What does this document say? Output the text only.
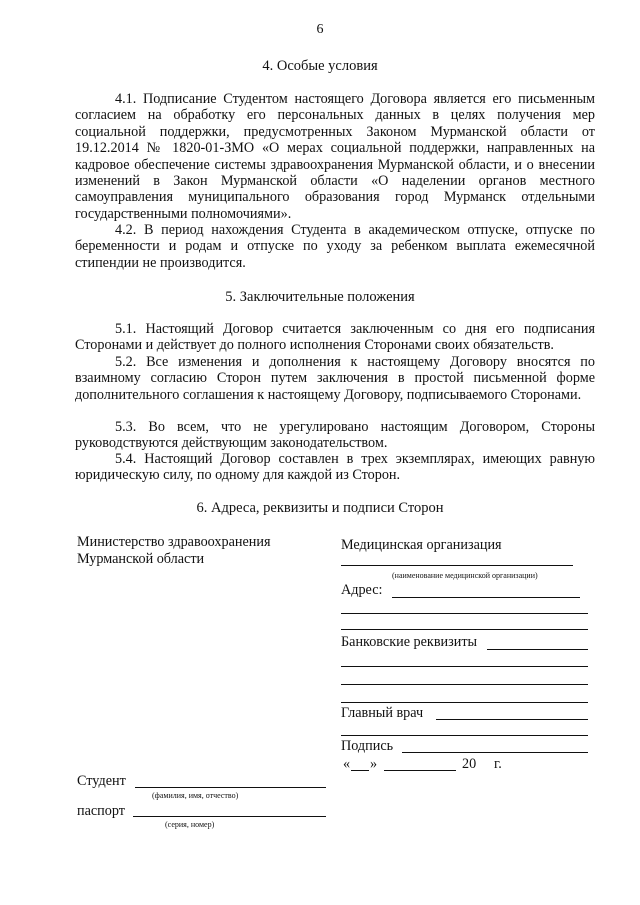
6
4. Особые условия

4.1. Подписание Студентом настоящего Договора является его письменным согласием на обработку его персональных данных в целях получения мер социальной поддержки, предусмотренных Законом Мурманской области от 19.12.2014 № 1820-01-ЗМО «О мерах социальной поддержки, направленных на кадровое обеспечение системы здравоохранения Мурманской области, и о внесении изменений в Закон Мурманской области «О наделении органов местного самоуправления муниципального образования город Мурманск отдельными государственными полномочиями».

4.2. В период нахождения Студента в академическом отпуске, отпуске по беременности и родам и отпуске по уходу за ребенком выплата ежемесячной стипендии не производится.

5. Заключительные положения

5.1. Настоящий Договор считается заключенным со дня его подписания Сторонами и действует до полного исполнения Сторонами своих обязательств.

5.2. Все изменения и дополнения к настоящему Договору вносятся по взаимному согласию Сторон путем заключения в простой письменной форме дополнительного соглашения к настоящему Договору, подписываемого Сторонами.

5.3. Во всем, что не урегулировано настоящим Договором, Стороны руководствуются действующим законодательством.

5.4. Настоящий Договор составлен в трех экземплярах, имеющих равную юридическую силу, по одному для каждой из Сторон.

6. Адреса, реквизиты и подписи Сторон
Министерство здравоохранения Мурманской области
Медицинская организация
(наименование медицинской организации)
Адрес:
Банковские реквизиты
Главный врач
Подпись
« »	20 г.
Студент
(фамилия, имя, отчество)
паспорт
(серия, номер)
